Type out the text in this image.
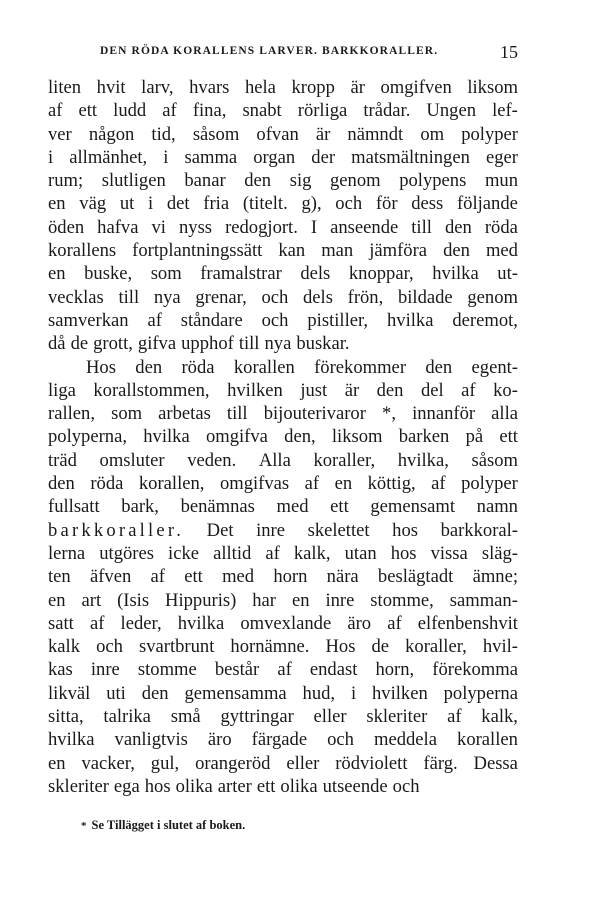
DEN RÖDA KORALLENS LARVER. BARKKORALLER.	15
liten hvit larv, hvars hela kropp är omgifven liksom
af ett ludd af fina, snabt rörliga trådar. Ungen lef-
ver någon tid, såsom ofvan är nämndt om polyper
i allmänhet, i samma organ der matsmältningen eger
rum; slutligen banar den sig genom polypens mun
en väg ut i det fria (titelt. g), och för dess följande
öden hafva vi nyss redogjort. I anseende till den röda
korallens fortplantningssätt kan man jämföra den med
en buske, som framalstrar dels knoppar, hvilka ut-
vecklas till nya grenar, och dels frön, bildade genom
samverkan af ståndare och pistiller, hvilka deremot,
då de grott, gifva upphof till nya buskar.
Hos den röda korallen förekommer den egent-
liga korallstommen, hvilken just är den del af ko-
rallen, som arbetas till bijouterivaror *, innanför alla
polyperna, hvilka omgifva den, liksom barken på ett
träd omsluter veden. Alla koraller, hvilka, såsom
den röda korallen, omgifvas af en köttig, af polyper
fullsatt bark, benämnas med ett gemensamt namn
barkkoraller. Det inre skelettet hos barkkoral-
lerna utgöres icke alltid af kalk, utan hos vissa släg-
ten äfven af ett med horn nära beslägtadt ämne;
en art (Isis Hippuris) har en inre stomme, samman-
satt af leder, hvilka omvexlande äro af elfenbenshvit
kalk och svartbrunt hornämne. Hos de koraller, hvil-
kas inre stomme består af endast horn, förekomma
likväl uti den gemensamma hud, i hvilken polyperna
sitta, talrika små gyttringar eller skleriter af kalk,
hvilka vanligtvis äro färgade och meddela korallen
en vacker, gul, orangeröd eller rödviolett färg. Dessa
skleriter ega hos olika arter ett olika utseende och
* Se Tillägget i slutet af boken.
